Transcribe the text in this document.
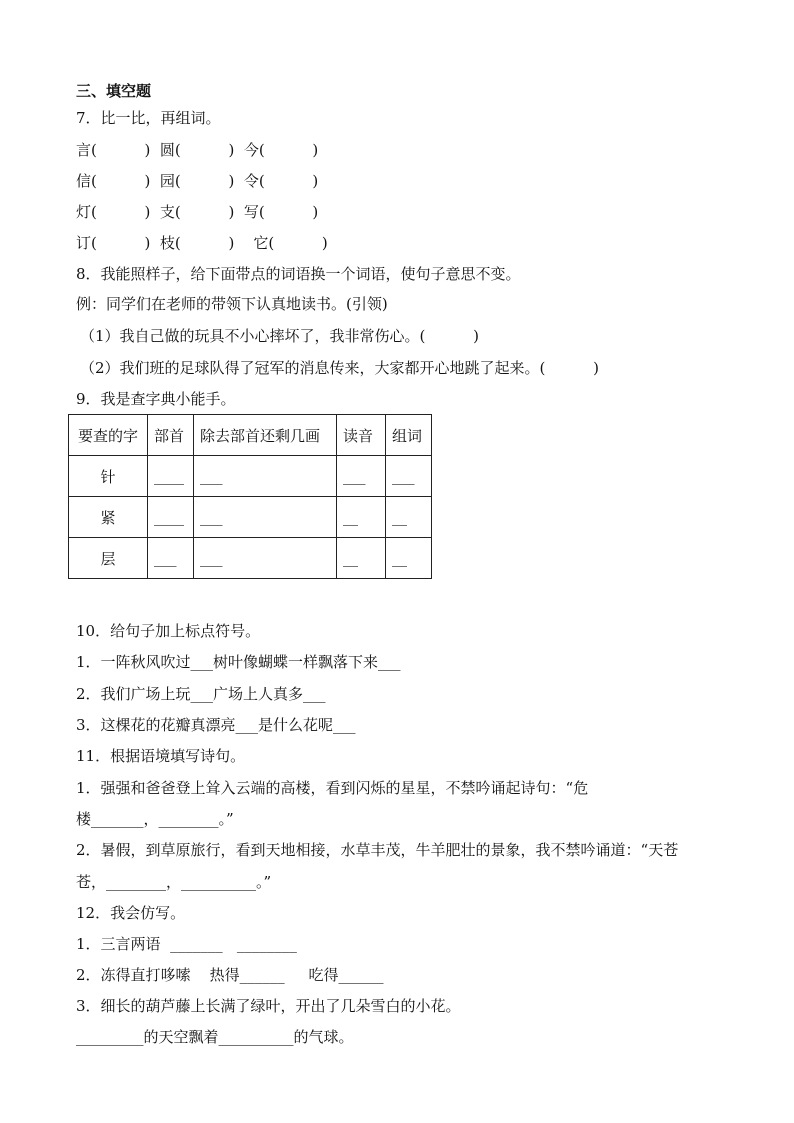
三、填空题
7．比一比，再组词。
言(          )  圆(          )  今(          )
信(          )  园(          )  令(          )
灯(          )  支(          )  写(          )
订(          )  枝(          )    它(          )
8．我能照样子，给下面带点的词语换一个词语，使句子意思不变。
例：同学们在老师的带领下认真地读书。(引领)
（1）我自己做的玩具不小心摔坏了，我非常伤心。(          )
（2）我们班的足球队得了冠军的消息传来，大家都开心地跳了起来。(          )
9．我是查字典小能手。
要查的字	部首	除去部首还剩几画	读音	组词
针	____	___	___	___
紧	____	___	__	__
层	___	___	__	__
10．给句子加上标点符号。
1．一阵秋风吹过___树叶像蝴蝶一样飘落下来___
2．我们广场上玩___广场上人真多___
3．这棵花的花瓣真漂亮___是什么花呢___
11．根据语境填写诗句。
1．强强和爸爸登上耸入云端的高楼，看到闪烁的星星，不禁吟诵起诗句：“危
楼_______，________。”
2．暑假，到草原旅行，看到天地相接，水草丰茂，牛羊肥壮的景象，我不禁吟诵道：“天苍
苍，________，__________。”
12．我会仿写。
1．三言两语  _______   ________
2．冻得直打哆嗦    热得______     吃得______
3．细长的葫芦藤上长满了绿叶，开出了几朵雪白的小花。
_________的天空飘着__________的气球。
